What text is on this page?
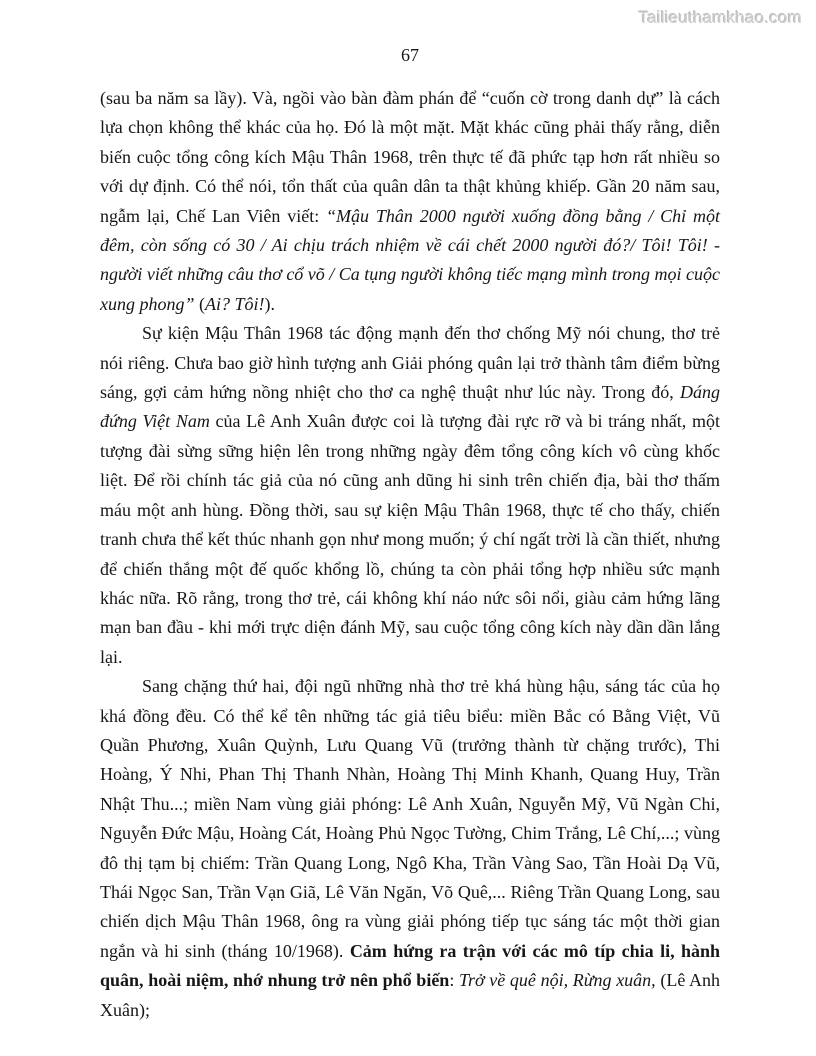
Tailieuthamkhao.com
67

(sau ba năm sa lầy). Và, ngồi vào bàn đàm phán để “cuốn cờ trong danh dự” là cách lựa chọn không thể khác của họ. Đó là một mặt. Mặt khác cũng phải thấy rằng, diễn biến cuộc tổng công kích Mậu Thân 1968, trên thực tế đã phức tạp hơn rất nhiều so với dự định. Có thể nói, tổn thất của quân dân ta thật khủng khiếp. Gần 20 năm sau, ngẫm lại, Chế Lan Viên viết: “Mậu Thân 2000 người xuống đồng bằng / Chỉ một đêm, còn sống có 30 / Ai chịu trách nhiệm về cái chết 2000 người đó?/ Tôi! Tôi! - người viết những câu thơ cổ võ / Ca tụng người không tiếc mạng mình trong mọi cuộc xung phong” (Ai? Tôi!).

Sự kiện Mậu Thân 1968 tác động mạnh đến thơ chống Mỹ nói chung, thơ trẻ nói riêng. Chưa bao giờ hình tượng anh Giải phóng quân lại trở thành tâm điểm bừng sáng, gợi cảm hứng nồng nhiệt cho thơ ca nghệ thuật như lúc này. Trong đó, Dáng đứng Việt Nam của Lê Anh Xuân được coi là tượng đài rực rỡ và bi tráng nhất, một tượng đài sừng sững hiện lên trong những ngày đêm tổng công kích vô cùng khốc liệt. Để rồi chính tác giả của nó cũng anh dũng hi sinh trên chiến địa, bài thơ thấm máu một anh hùng. Đồng thời, sau sự kiện Mậu Thân 1968, thực tế cho thấy, chiến tranh chưa thể kết thúc nhanh gọn như mong muốn; ý chí ngất trời là cần thiết, nhưng để chiến thắng một đế quốc khổng lồ, chúng ta còn phải tổng hợp nhiều sức mạnh khác nữa. Rõ rằng, trong thơ trẻ, cái không khí náo nức sôi nổi, giàu cảm hứng lãng mạn ban đầu - khi mới trực diện đánh Mỹ, sau cuộc tổng công kích này dần dần lắng lại.

Sang chặng thứ hai, đội ngũ những nhà thơ trẻ khá hùng hậu, sáng tác của họ khá đồng đều. Có thể kể tên những tác giả tiêu biểu: miền Bắc có Bằng Việt, Vũ Quần Phương, Xuân Quỳnh, Lưu Quang Vũ (trưởng thành từ chặng trước), Thi Hoàng, Ý Nhi, Phan Thị Thanh Nhàn, Hoàng Thị Minh Khanh, Quang Huy, Trần Nhật Thu...; miền Nam vùng giải phóng: Lê Anh Xuân, Nguyễn Mỹ, Vũ Ngàn Chi, Nguyễn Đức Mậu, Hoàng Cát, Hoàng Phủ Ngọc Tường, Chim Trắng, Lê Chí,...; vùng đô thị tạm bị chiếm: Trần Quang Long, Ngô Kha, Trần Vàng Sao, Tần Hoài Dạ Vũ, Thái Ngọc San, Trần Vạn Giã, Lê Văn Ngăn, Võ Quê,... Riêng Trần Quang Long, sau chiến dịch Mậu Thân 1968, ông ra vùng giải phóng tiếp tục sáng tác một thời gian ngắn và hi sinh (tháng 10/1968). Cảm hứng ra trận với các mô típ chia li, hành quân, hoài niệm, nhớ nhung trở nên phổ biến: Trở về quê nội, Rừng xuân, (Lê Anh Xuân);
